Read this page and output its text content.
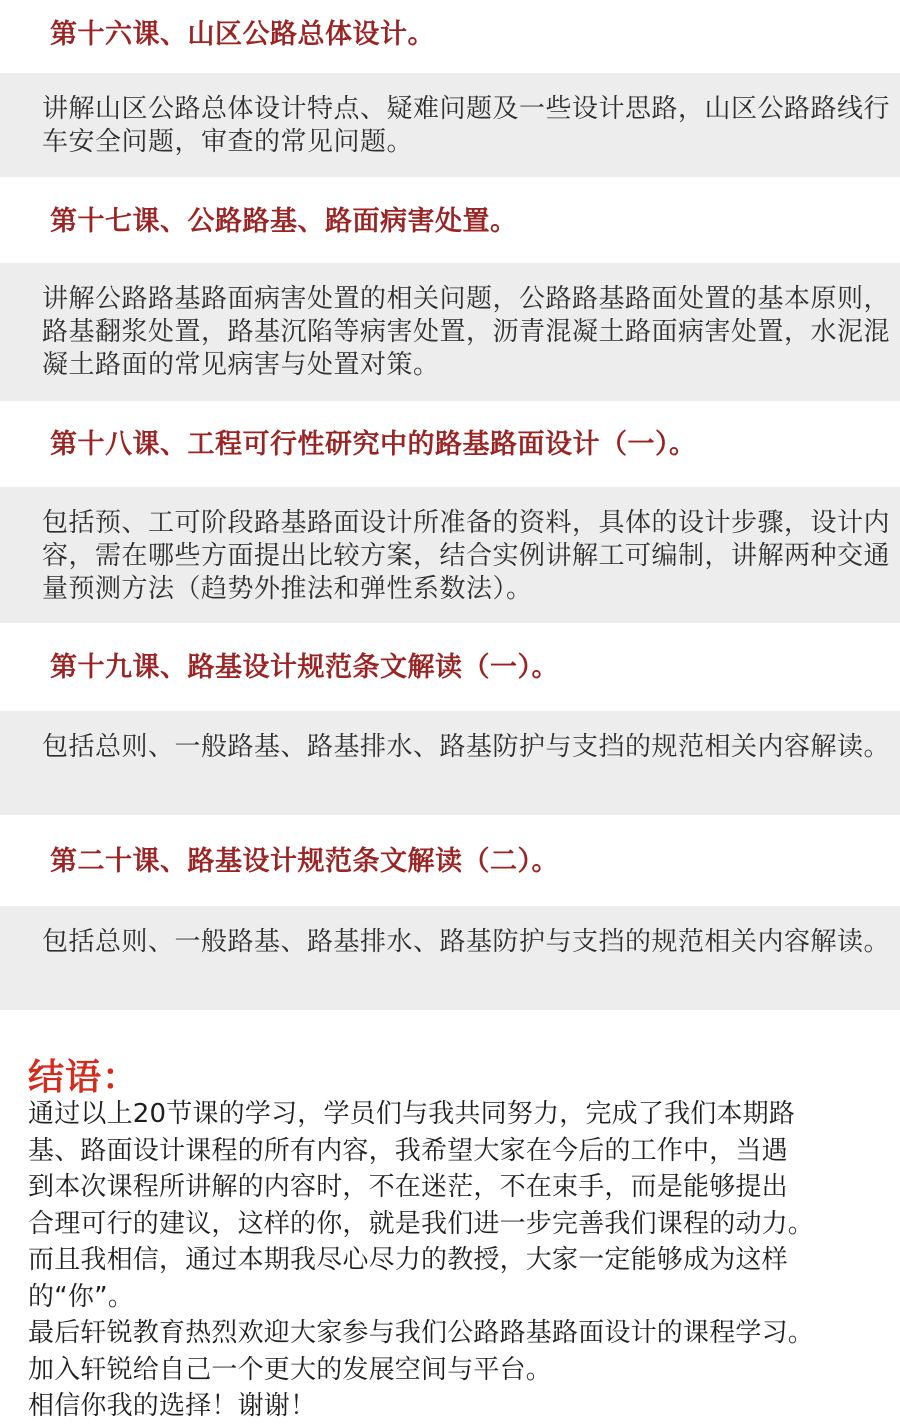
第十六课、山区公路总体设计。
讲解山区公路总体设计特点、疑难问题及一些设计思路，山区公路路线行车安全问题，审查的常见问题。
第十七课、公路路基、路面病害处置。
讲解公路路基路面病害处置的相关问题，公路路基路面处置的基本原则，路基翻浆处置，路基沉陷等病害处置，沥青混凝土路面病害处置，水泥混凝土路面的常见病害与处置对策。
第十八课、工程可行性研究中的路基路面设计（一）。
包括预、工可阶段路基路面设计所准备的资料，具体的设计步骤，设计内容，需在哪些方面提出比较方案，结合实例讲解工可编制，讲解两种交通量预测方法（趋势外推法和弹性系数法）。
第十九课、路基设计规范条文解读（一）。
包括总则、一般路基、路基排水、路基防护与支挡的规范相关内容解读。
第二十课、路基设计规范条文解读（二）。
包括总则、一般路基、路基排水、路基防护与支挡的规范相关内容解读。
结语：
通过以上20节课的学习，学员们与我共同努力，完成了我们本期路
基、路面设计课程的所有内容，我希望大家在今后的工作中，当遇
到本次课程所讲解的内容时，不在迷茫，不在束手，而是能够提出
合理可行的建议，这样的你，就是我们进一步完善我们课程的动力。
而且我相信，通过本期我尽心尽力的教授，大家一定能够成为这样
的“你”。
最后轩锐教育热烈欢迎大家参与我们公路路基路面设计的课程学习。
加入轩锐给自己一个更大的发展空间与平台。
相信你我的选择！谢谢！
